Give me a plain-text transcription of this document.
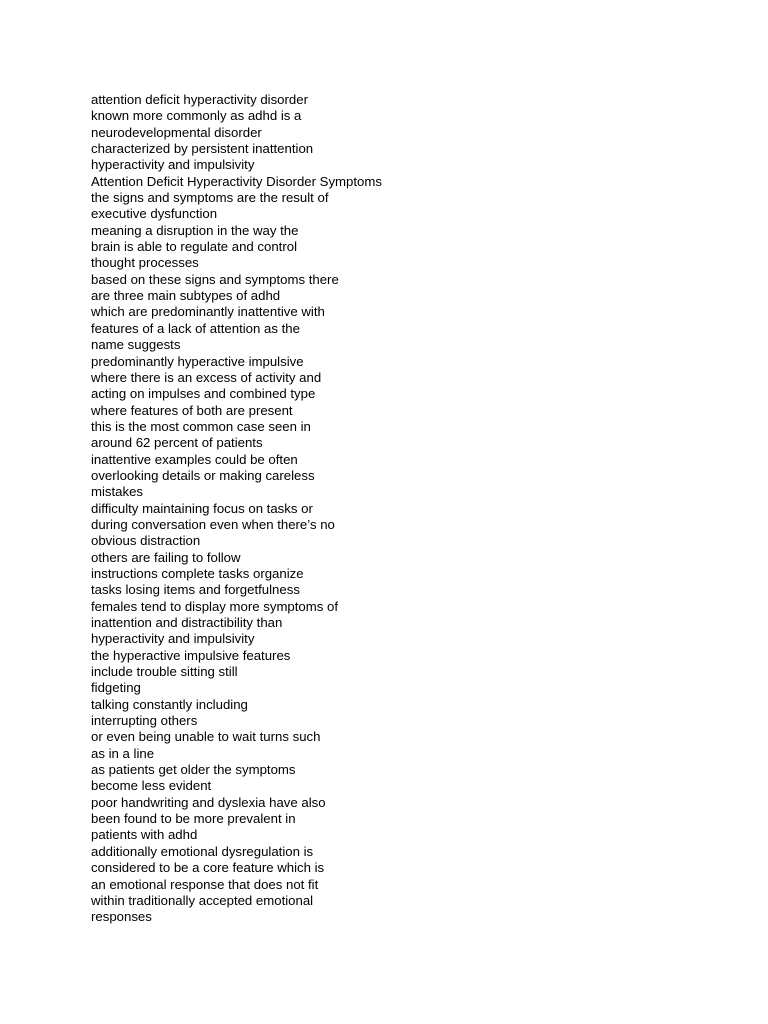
attention deficit hyperactivity disorder
known more commonly as adhd is a
neurodevelopmental disorder
characterized by persistent inattention
hyperactivity and impulsivity
Attention Deficit Hyperactivity Disorder Symptoms
the signs and symptoms are the result of
executive dysfunction
meaning a disruption in the way the
brain is able to regulate and control
thought processes
based on these signs and symptoms there
are three main subtypes of adhd
which are predominantly inattentive with
features of a lack of attention as the
name suggests
predominantly hyperactive impulsive
where there is an excess of activity and
acting on impulses and combined type
where features of both are present
this is the most common case seen in
around 62 percent of patients
inattentive examples could be often
overlooking details or making careless
mistakes
difficulty maintaining focus on tasks or
during conversation even when there’s no
obvious distraction
others are failing to follow
instructions complete tasks organize
tasks losing items and forgetfulness
females tend to display more symptoms of
inattention and distractibility than
hyperactivity and impulsivity
the hyperactive impulsive features
include trouble sitting still
fidgeting
talking constantly including
interrupting others
or even being unable to wait turns such
as in a line
as patients get older the symptoms
become less evident
poor handwriting and dyslexia have also
been found to be more prevalent in
patients with adhd
additionally emotional dysregulation is
considered to be a core feature which is
an emotional response that does not fit
within traditionally accepted emotional
responses
